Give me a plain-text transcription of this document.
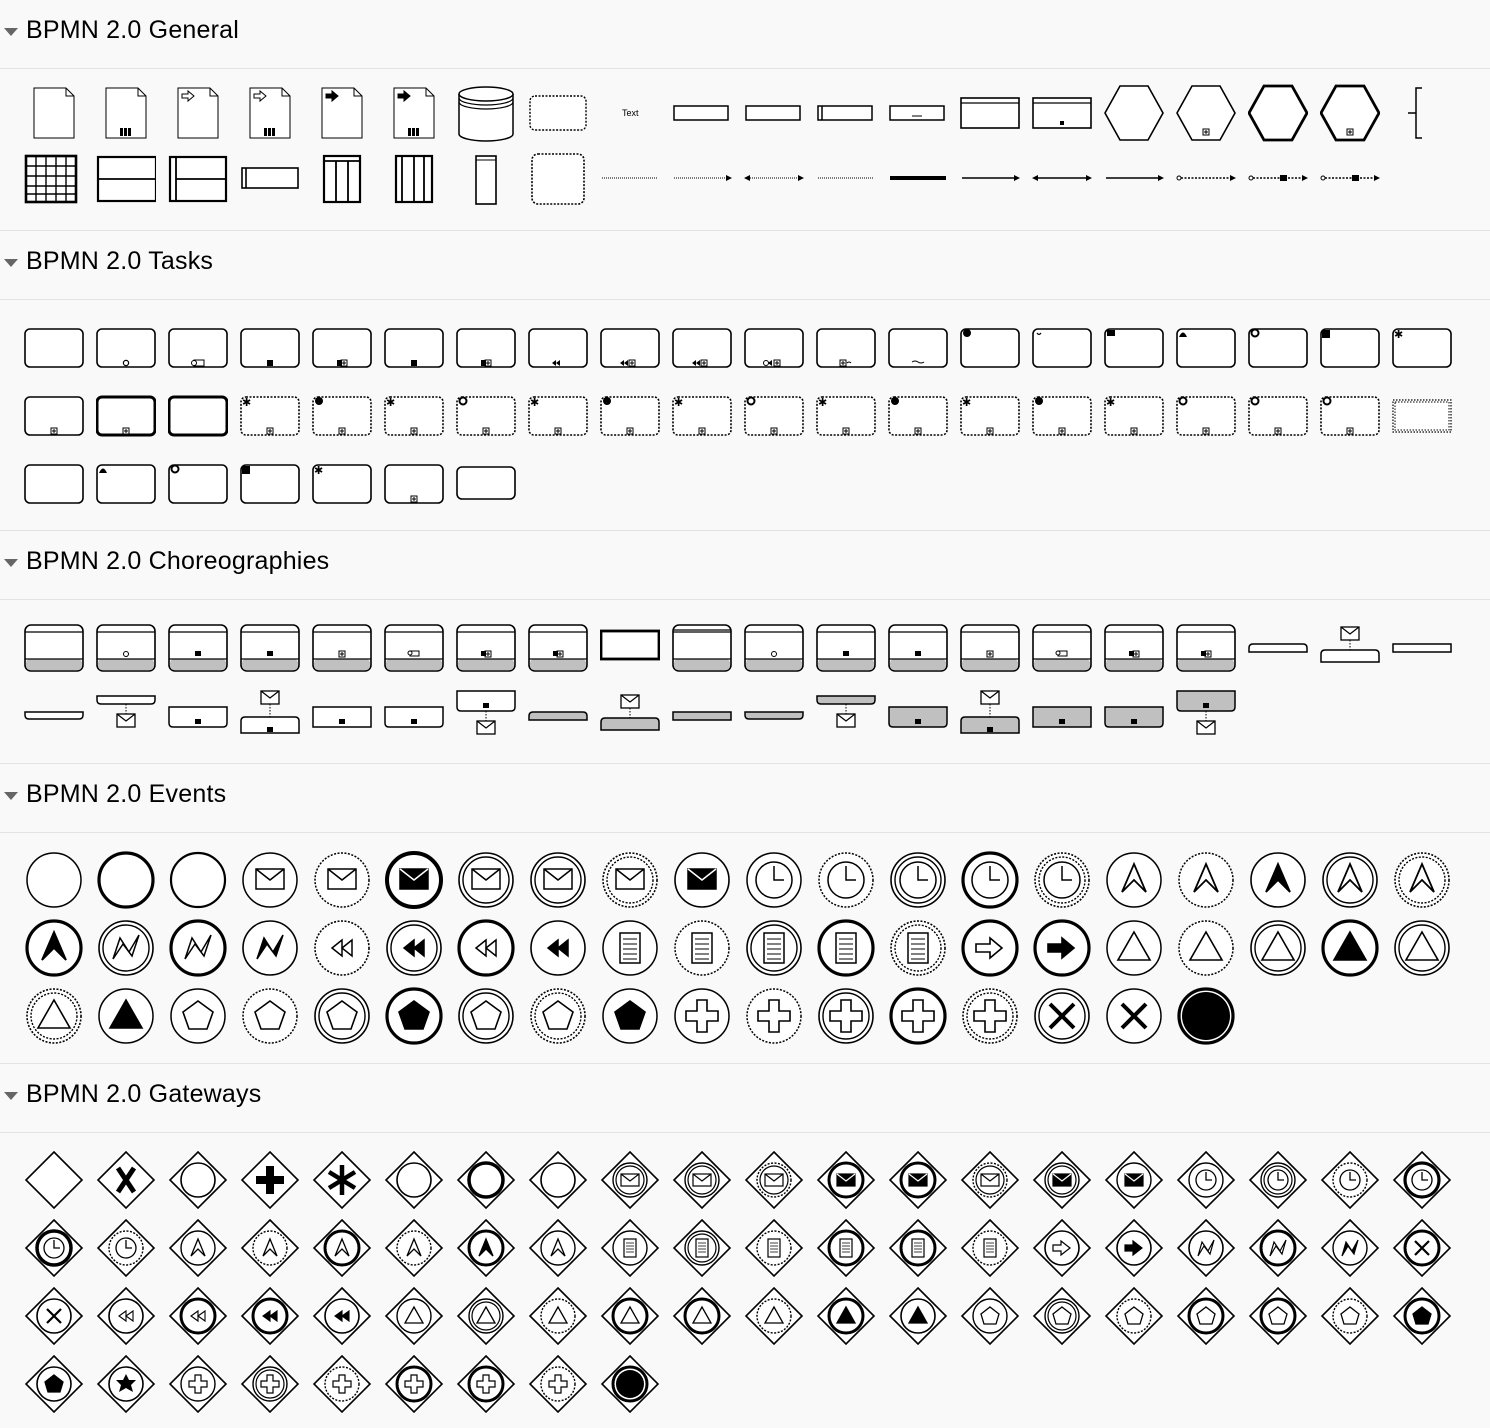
BPMN 2.0 General
Text
BPMN 2.0 Tasks
✱
✱	✱	✱	✱	✱	✱	✱
✱
BPMN 2.0 Choreographies
BPMN 2.0 Events
BPMN 2.0 Gateways
